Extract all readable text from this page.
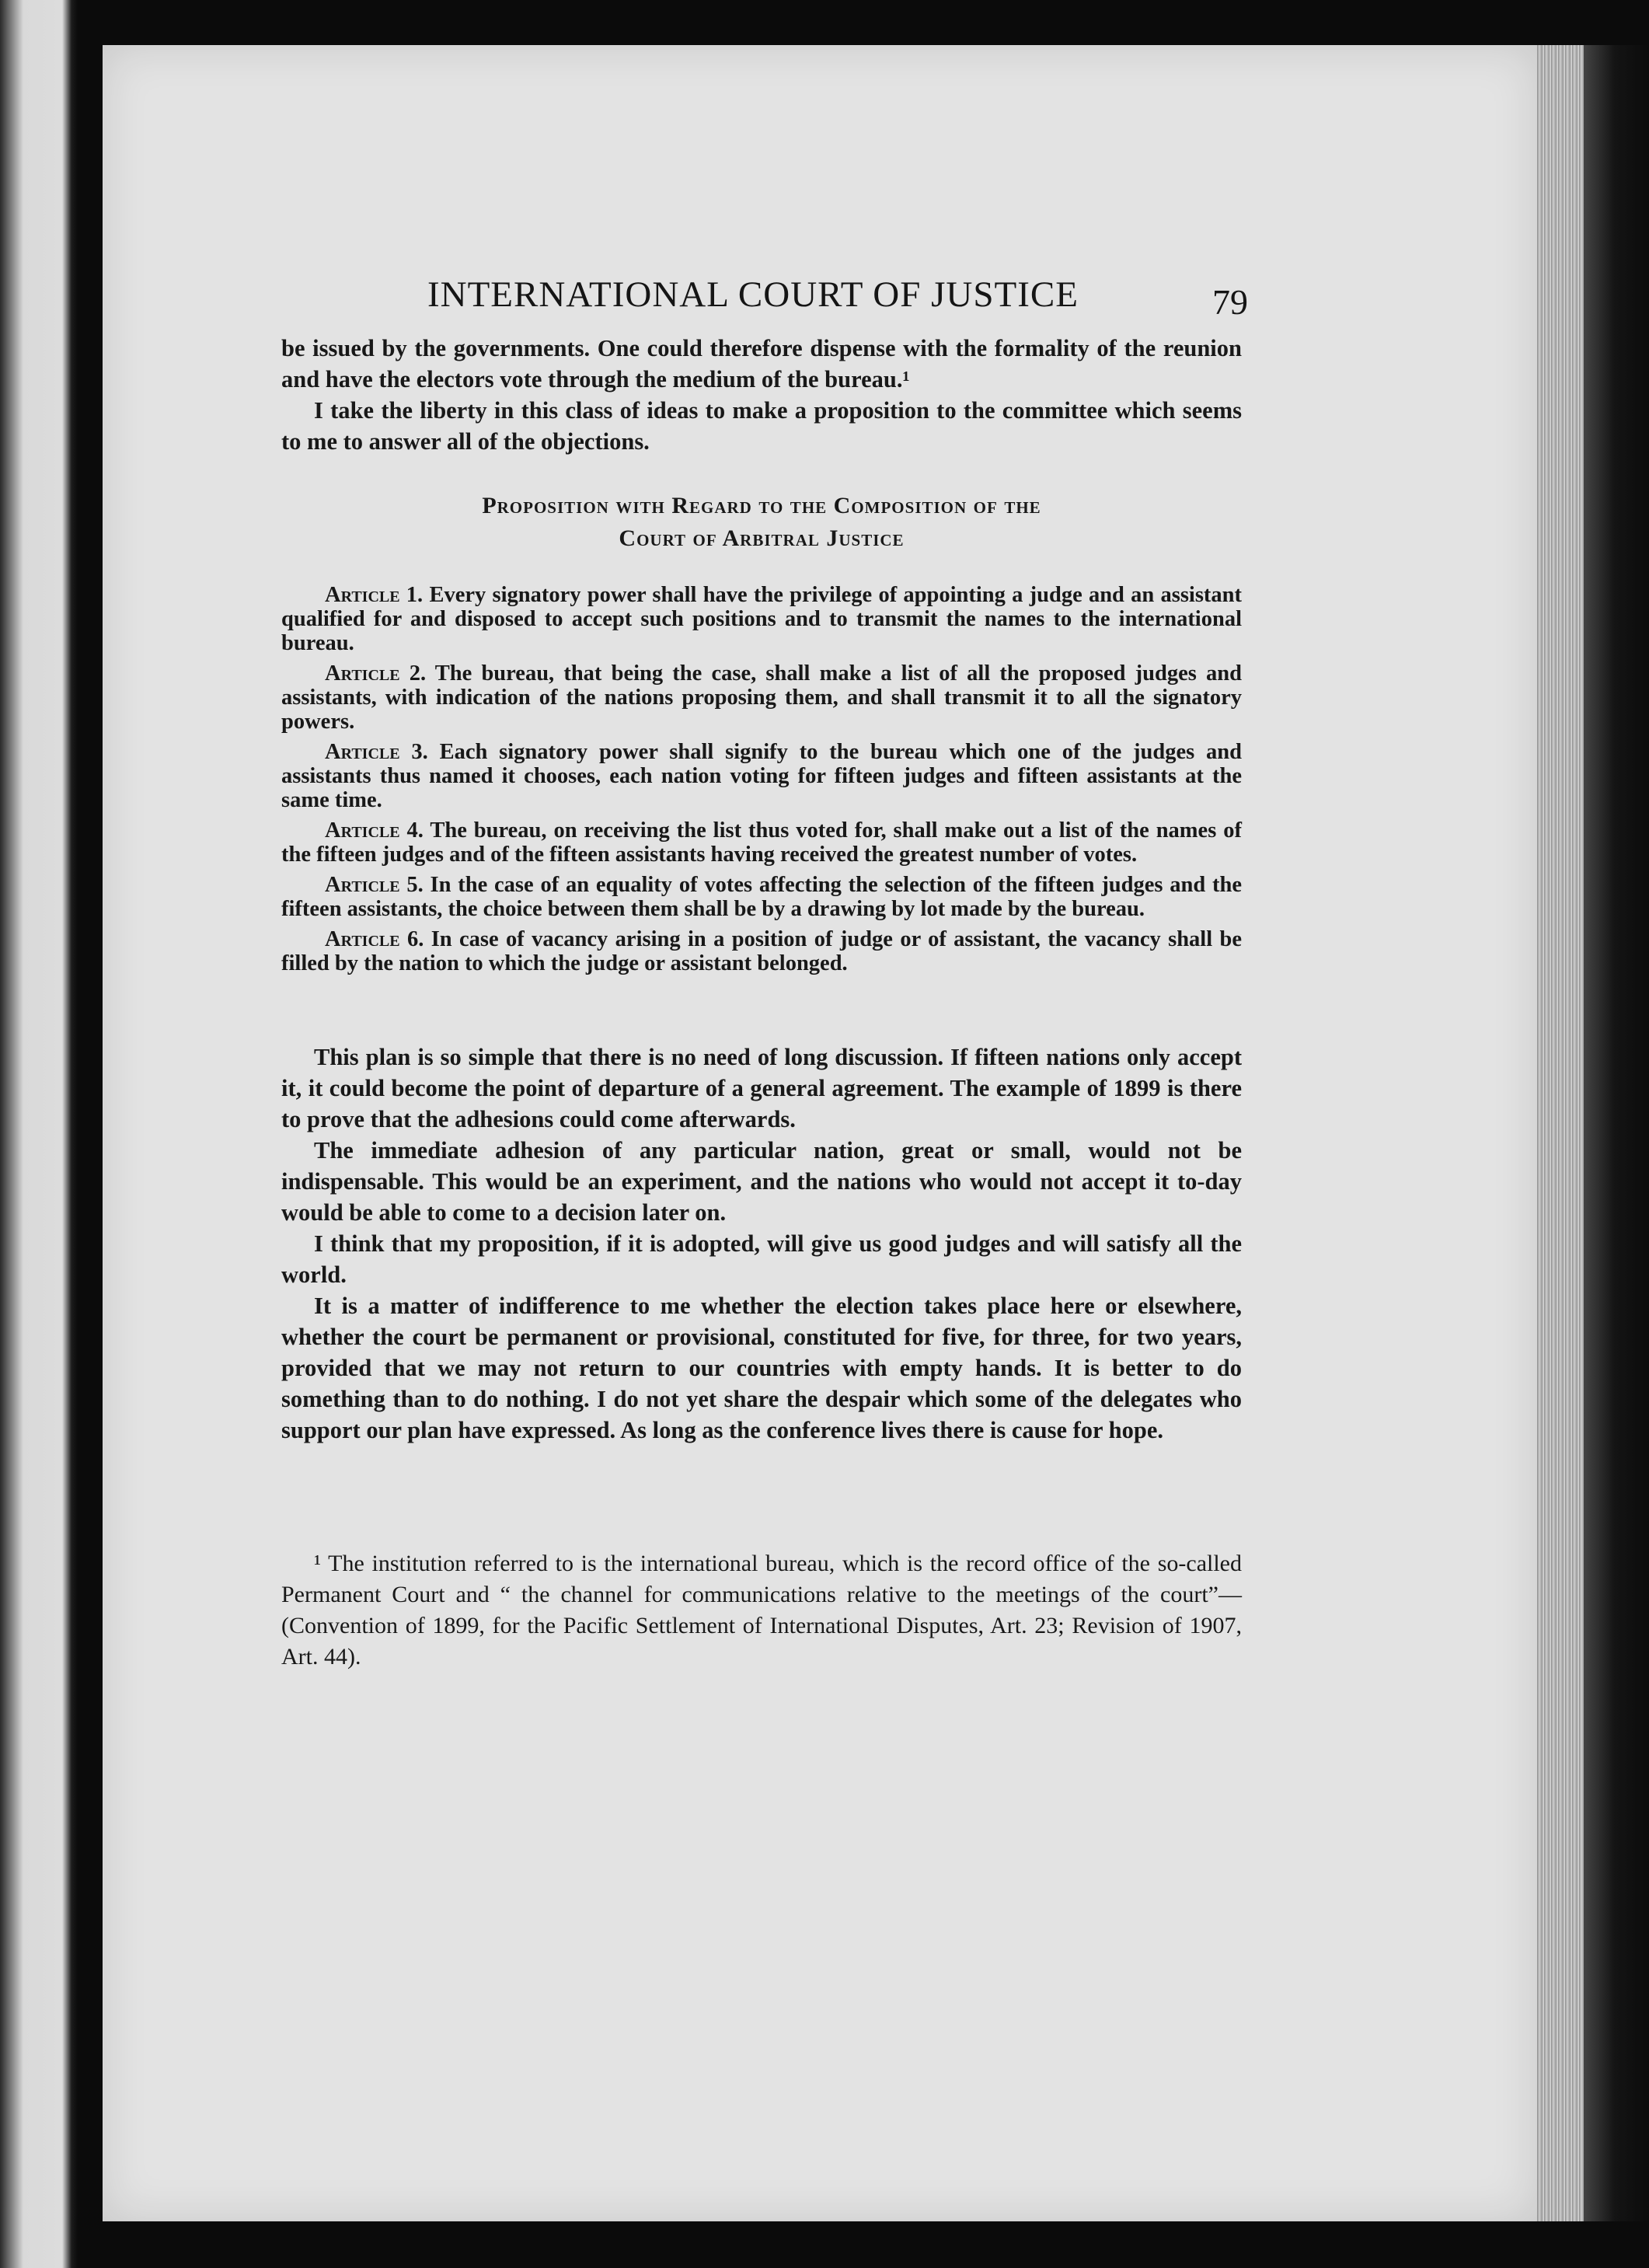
INTERNATIONAL COURT OF JUSTICE	79

be issued by the governments. One could therefore dispense with the formality of the reunion and have the electors vote through the medium of the bureau.¹

I take the liberty in this class of ideas to make a proposition to the committee which seems to me to answer all of the objections.

Proposition with Regard to the Composition of the
Court of Arbitral Justice

Article 1. Every signatory power shall have the privilege of appointing a judge and an assistant qualified for and disposed to accept such positions and to transmit the names to the international bureau.

Article 2. The bureau, that being the case, shall make a list of all the proposed judges and assistants, with indication of the nations proposing them, and shall transmit it to all the signatory powers.

Article 3. Each signatory power shall signify to the bureau which one of the judges and assistants thus named it chooses, each nation voting for fifteen judges and fifteen assistants at the same time.

Article 4. The bureau, on receiving the list thus voted for, shall make out a list of the names of the fifteen judges and of the fifteen assistants having received the greatest number of votes.

Article 5. In the case of an equality of votes affecting the selection of the fifteen judges and the fifteen assistants, the choice between them shall be by a drawing by lot made by the bureau.

Article 6. In case of vacancy arising in a position of judge or of assistant, the vacancy shall be filled by the nation to which the judge or assistant belonged.

This plan is so simple that there is no need of long discussion. If fifteen nations only accept it, it could become the point of departure of a general agreement. The example of 1899 is there to prove that the adhesions could come afterwards.

The immediate adhesion of any particular nation, great or small, would not be indispensable. This would be an experiment, and the nations who would not accept it to-day would be able to come to a decision later on.

I think that my proposition, if it is adopted, will give us good judges and will satisfy all the world.

It is a matter of indifference to me whether the election takes place here or elsewhere, whether the court be permanent or provisional, constituted for five, for three, for two years, provided that we may not return to our countries with empty hands. It is better to do something than to do nothing. I do not yet share the despair which some of the delegates who support our plan have expressed. As long as the conference lives there is cause for hope.

¹ The institution referred to is the international bureau, which is the record office of the so-called Permanent Court and “ the channel for communications relative to the meetings of the court”—(Convention of 1899, for the Pacific Settlement of International Disputes, Art. 23; Revision of 1907, Art. 44).
